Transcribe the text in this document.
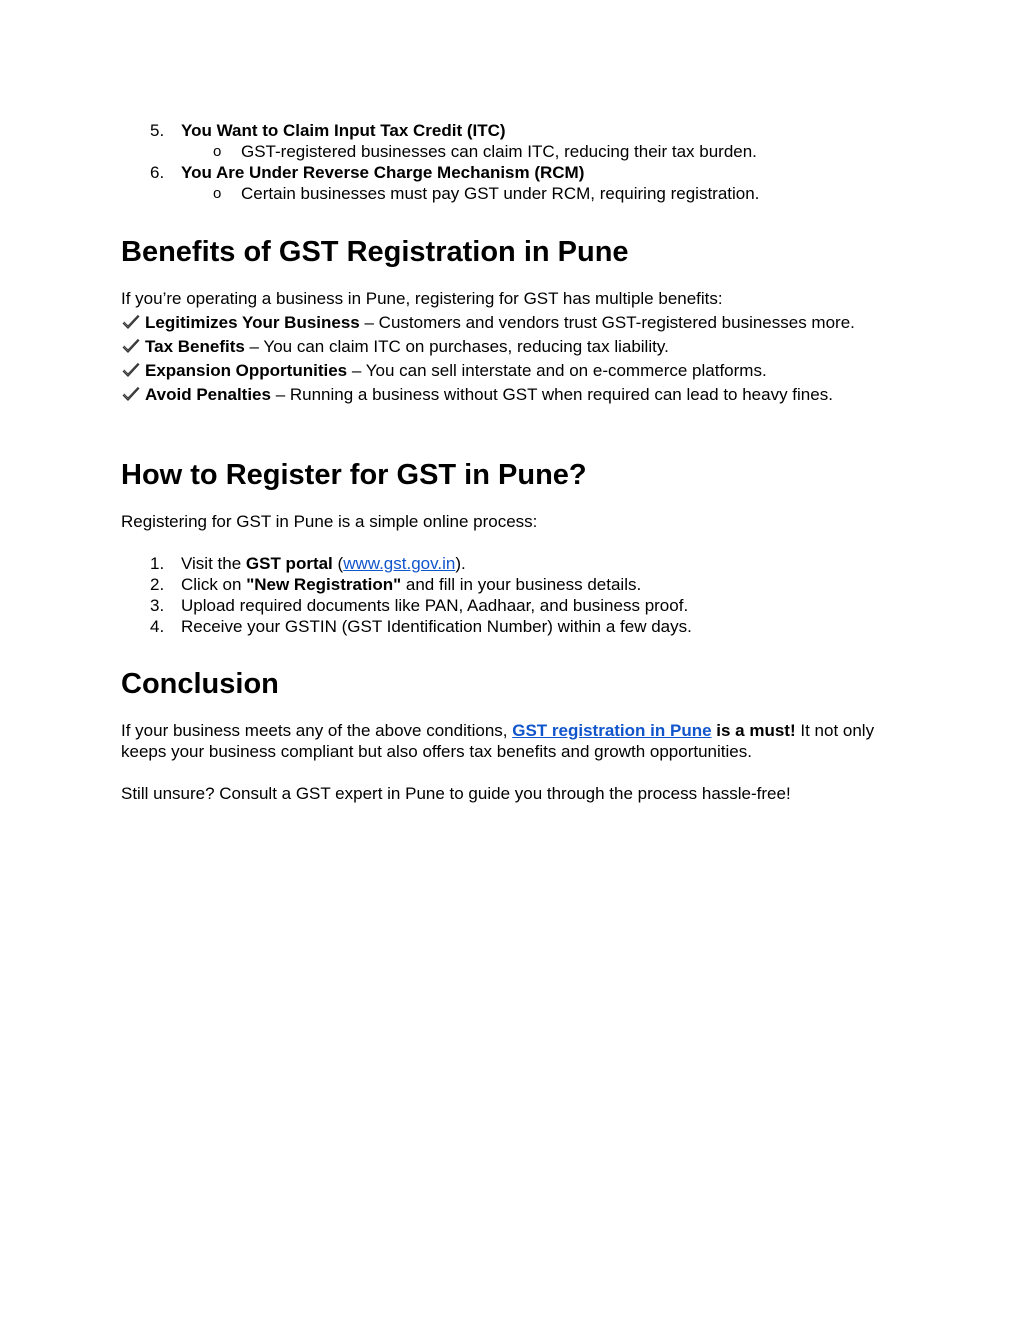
5. You Want to Claim Input Tax Credit (ITC)
o GST-registered businesses can claim ITC, reducing their tax burden.
6. You Are Under Reverse Charge Mechanism (RCM)
o Certain businesses must pay GST under RCM, requiring registration.
Benefits of GST Registration in Pune

If you’re operating a business in Pune, registering for GST has multiple benefits:

Legitimizes Your Business – Customers and vendors trust GST-registered businesses more.

Tax Benefits – You can claim ITC on purchases, reducing tax liability.

Expansion Opportunities – You can sell interstate and on e-commerce platforms.

Avoid Penalties – Running a business without GST when required can lead to heavy fines.

How to Register for GST in Pune?

Registering for GST in Pune is a simple online process:

1. Visit the GST portal (www.gst.gov.in).
2. Click on "New Registration" and fill in your business details.
3. Upload required documents like PAN, Aadhaar, and business proof.
4. Receive your GSTIN (GST Identification Number) within a few days.
Conclusion

If your business meets any of the above conditions, GST registration in Pune is a must! It not only keeps your business compliant but also offers tax benefits and growth opportunities.

Still unsure? Consult a GST expert in Pune to guide you through the process hassle-free!
